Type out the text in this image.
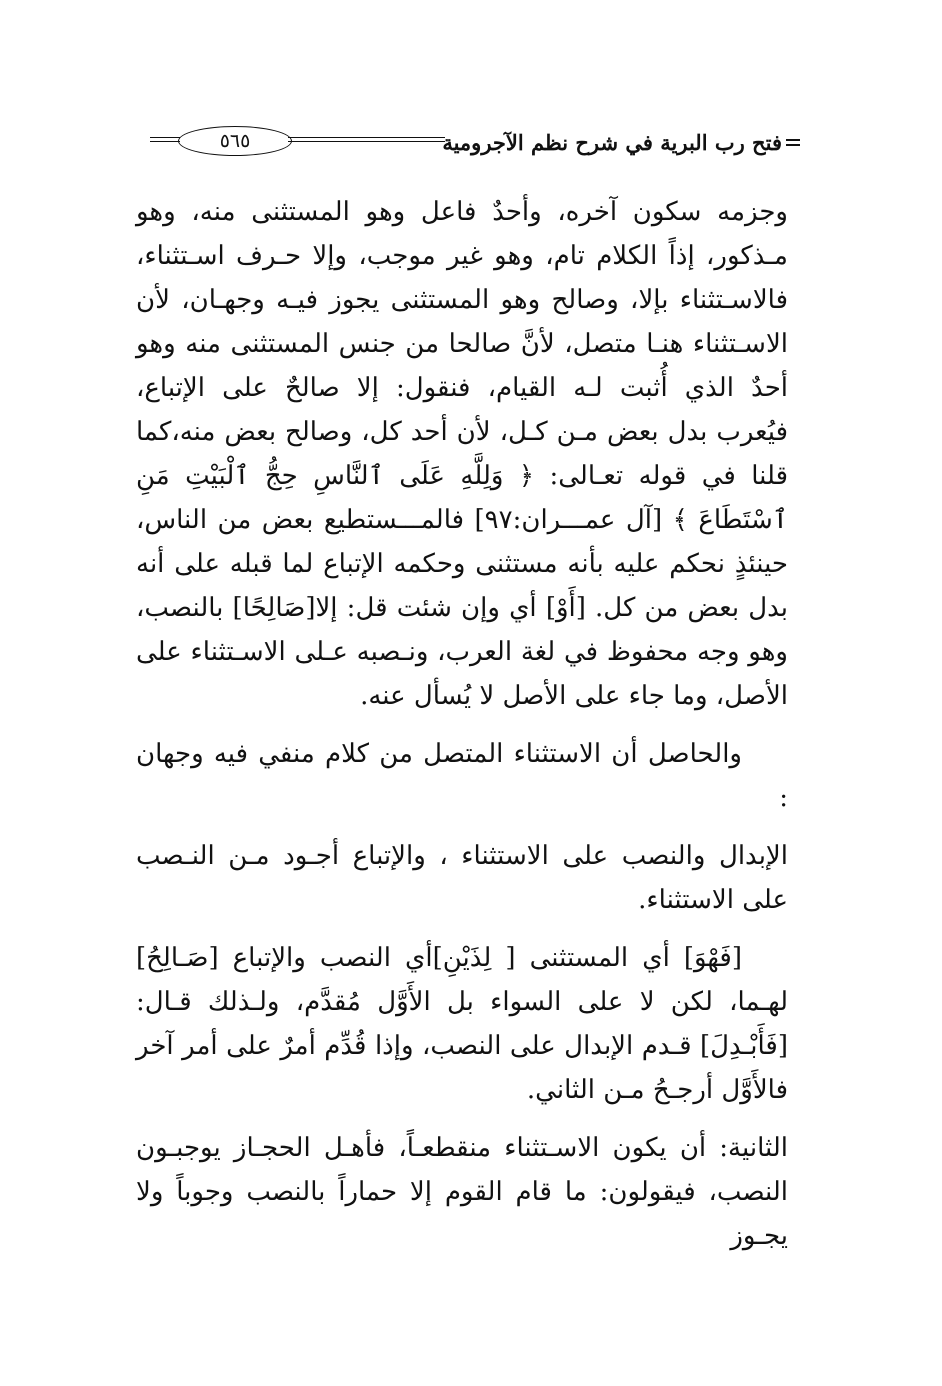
فتح رب البرية في شرح نظم الآجرومية
٥٦٥

وجزمه سكون آخره، وأحدٌ فاعل وهو المستثنى منه، وهو مـذكور، إذاً الكلام تام، وهو غير موجب، وإلا حـرف اسـتثناء، فالاسـتثناء بإلا، وصالح وهو المستثنى يجوز فيـه وجهـان، لأن الاسـتثناء هنـا متصل، لأنَّ صالحا من جنس المستثنى منه وهو أحدٌ الذي أُثبت لـه القيام، فنقول: إلا صالحٌ على الإتباع، فيُعرب بدل بعض مـن كـل، لأن أحد كل، وصالح بعض منه،كما قلنا في قوله تعـالى: ﴿ وَلِلَّهِ عَلَى ٱلنَّاسِ حِجُّ ٱلْبَيْتِ مَنِ ٱسْتَطَاعَ ﴾ [آل عمـــران:٩٧] فالمـــستطيع بعض من الناس، حينئذٍ نحكم عليه بأنه مستثنى وحكمه الإتباع لما قبله على أنه بدل بعض من كل. [أَوْ] أي وإن شئت قل: إلا[صَالِحًا] بالنصب، وهو وجه محفوظ في لغة العرب، ونـصبه عـلى الاسـتثناء على الأصل، وما جاء على الأصل لا يُسأل عنه.

والحاصل أن الاستثناء المتصل من كلام منفي فيه وجهان :

الإبدال والنصب على الاستثناء ، والإتباع أجـود مـن النـصب على الاستثناء.

[فَهْوَ] أي المستثنى [ لِذَيْنِ]أي النصب والإتباع [صَـالِحُ] لهـما، لكن لا على السواء بل الأَوَّل مُقدَّم، ولـذلك قـال:[فَأَبْـدِلَ] قـدم الإبدال على النصب، وإذا قُدِّم أمرٌ على أمر آخر فالأَوَّل أرجـحُ مـن الثاني.

الثانية: أن يكون الاسـتثناء منقطعـاً، فأهـل الحجـاز يوجبـون النصب، فيقولون: ما قام القوم إلا حماراً بالنصب وجوباً ولا يجـوز
